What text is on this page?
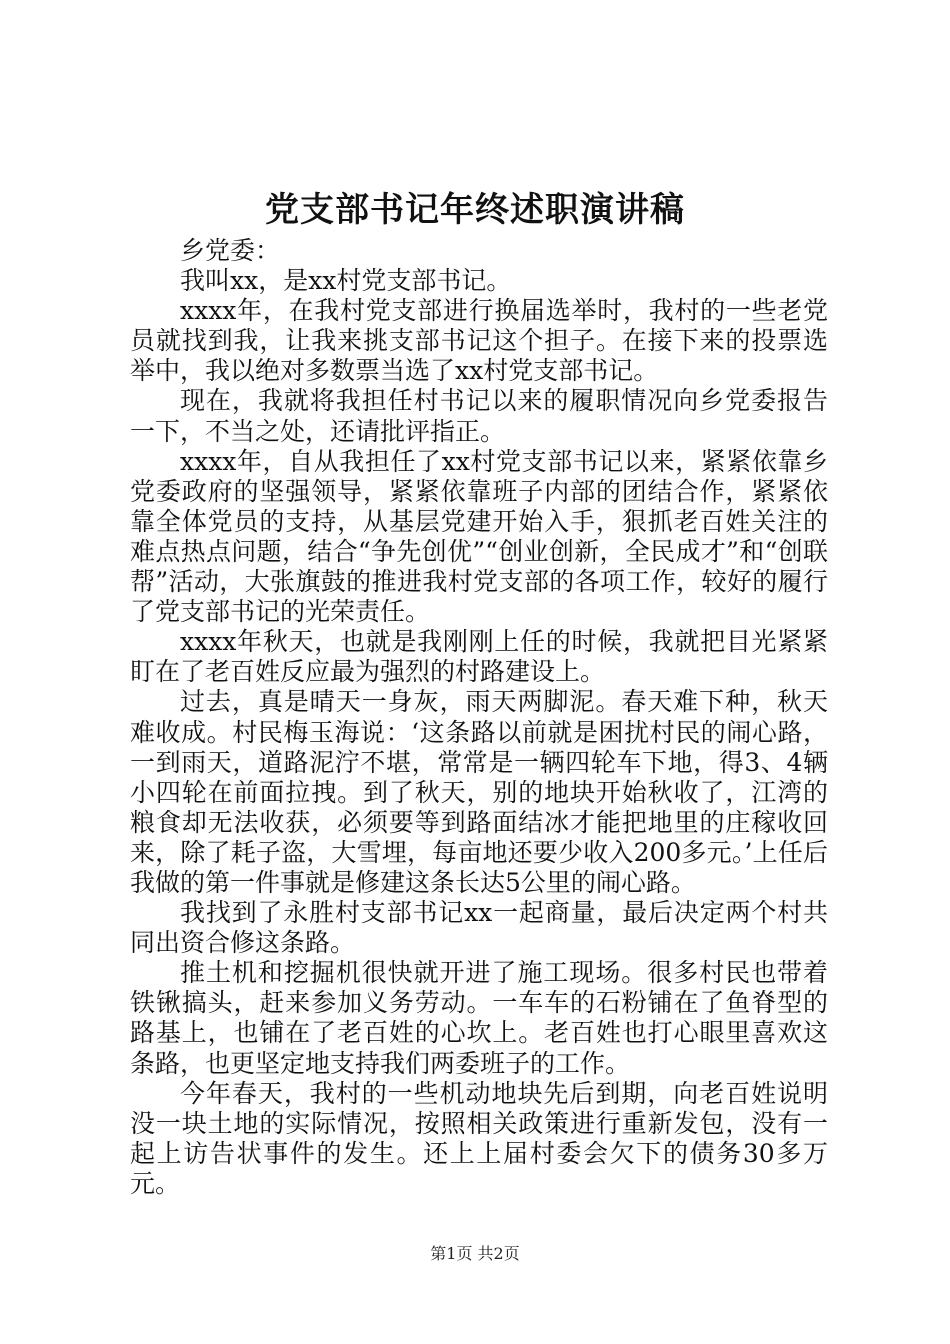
党支部书记年终述职演讲稿

乡党委：

我叫xx，是xx村党支部书记。

xxxx年，在我村党支部进行换届选举时，我村的一些老党员就找到我，让我来挑支部书记这个担子。在接下来的投票选举中，我以绝对多数票当选了xx村党支部书记。

现在，我就将我担任村书记以来的履职情况向乡党委报告一下，不当之处，还请批评指正。

xxxx年，自从我担任了xx村党支部书记以来，紧紧依靠乡党委政府的坚强领导，紧紧依靠班子内部的团结合作，紧紧依靠全体党员的支持，从基层党建开始入手，狠抓老百姓关注的难点热点问题，结合“争先创优”“创业创新，全民成才”和“创联帮”活动，大张旗鼓的推进我村党支部的各项工作，较好的履行了党支部书记的光荣责任。

xxxx年秋天，也就是我刚刚上任的时候，我就把目光紧紧盯在了老百姓反应最为强烈的村路建设上。

过去，真是晴天一身灰，雨天两脚泥。春天难下种，秋天难收成。村民梅玉海说：‘这条路以前就是困扰村民的闹心路，一到雨天，道路泥泞不堪，常常是一辆四轮车下地，得3、4辆小四轮在前面拉拽。到了秋天，别的地块开始秋收了，江湾的粮食却无法收获，必须要等到路面结冰才能把地里的庄稼收回来，除了耗子盗，大雪埋，每亩地还要少收入200多元。’上任后我做的第一件事就是修建这条长达5公里的闹心路。

我找到了永胜村支部书记xx一起商量，最后决定两个村共同出资合修这条路。

推土机和挖掘机很快就开进了施工现场。很多村民也带着铁锹搞头，赶来参加义务劳动。一车车的石粉铺在了鱼脊型的路基上，也铺在了老百姓的心坎上。老百姓也打心眼里喜欢这条路，也更坚定地支持我们两委班子的工作。

今年春天，我村的一些机动地块先后到期，向老百姓说明没一块土地的实际情况，按照相关政策进行重新发包，没有一起上访告状事件的发生。还上上届村委会欠下的债务30多万元。

第1页 共2页
